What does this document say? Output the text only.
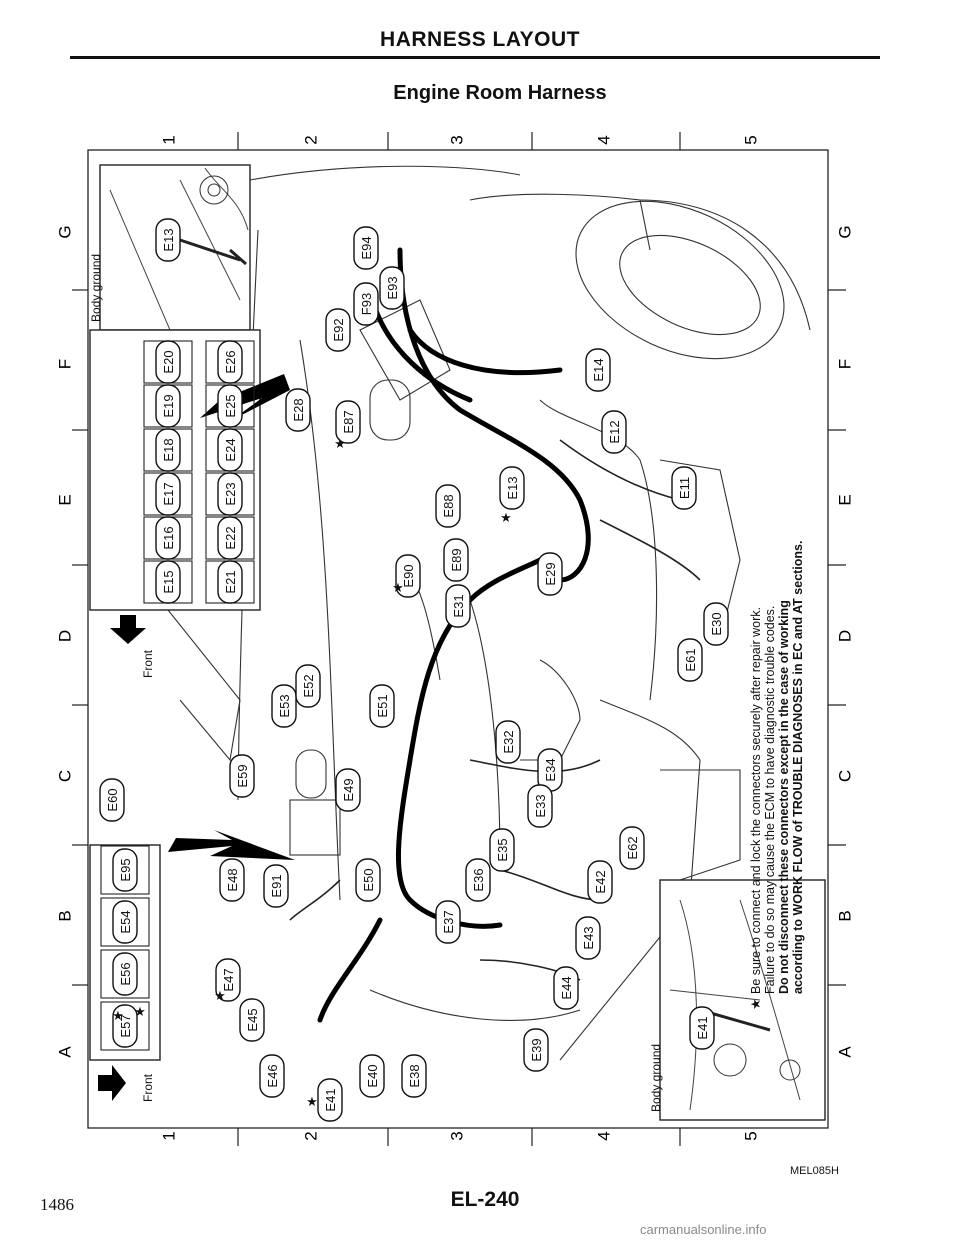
HARNESS LAYOUT
Engine Room Harness
1
1
2
2
3
3
4
4
5
5
G	G
F	F
E	E
D	D
C	C
B	B
A	A
E13
E14
E12
E11
E30
E61
E94
E93
F93
E92
E28
E87
E88
E13
E89
E90
E31
E29
E53
E52
E51
E59
E49
E32
E34
E33
E35
E48 E91	E50	E36
E37
E62
E42
E43
E44
E47
E45
E46
E41
E40 E38
E39
E60
E41
E15
E16
E17
E18
E19
E20
E21
E22
E23
E24
E25
E26
E95
E54
E56
E57
★
★
★
★
★
★ ★
Body ground
Body ground
Front
Front
★
Be sure to connect and lock the connectors securely after repair work. Failure to do so may cause the ECM to have diagnostic trouble codes. Do not disconnect these connectors except in the case of working according to WORK FLOW of TROUBLE DIAGNOSES in EC and AT sections.
MEL085H
1486	EL-240
carmanualsonline.info
